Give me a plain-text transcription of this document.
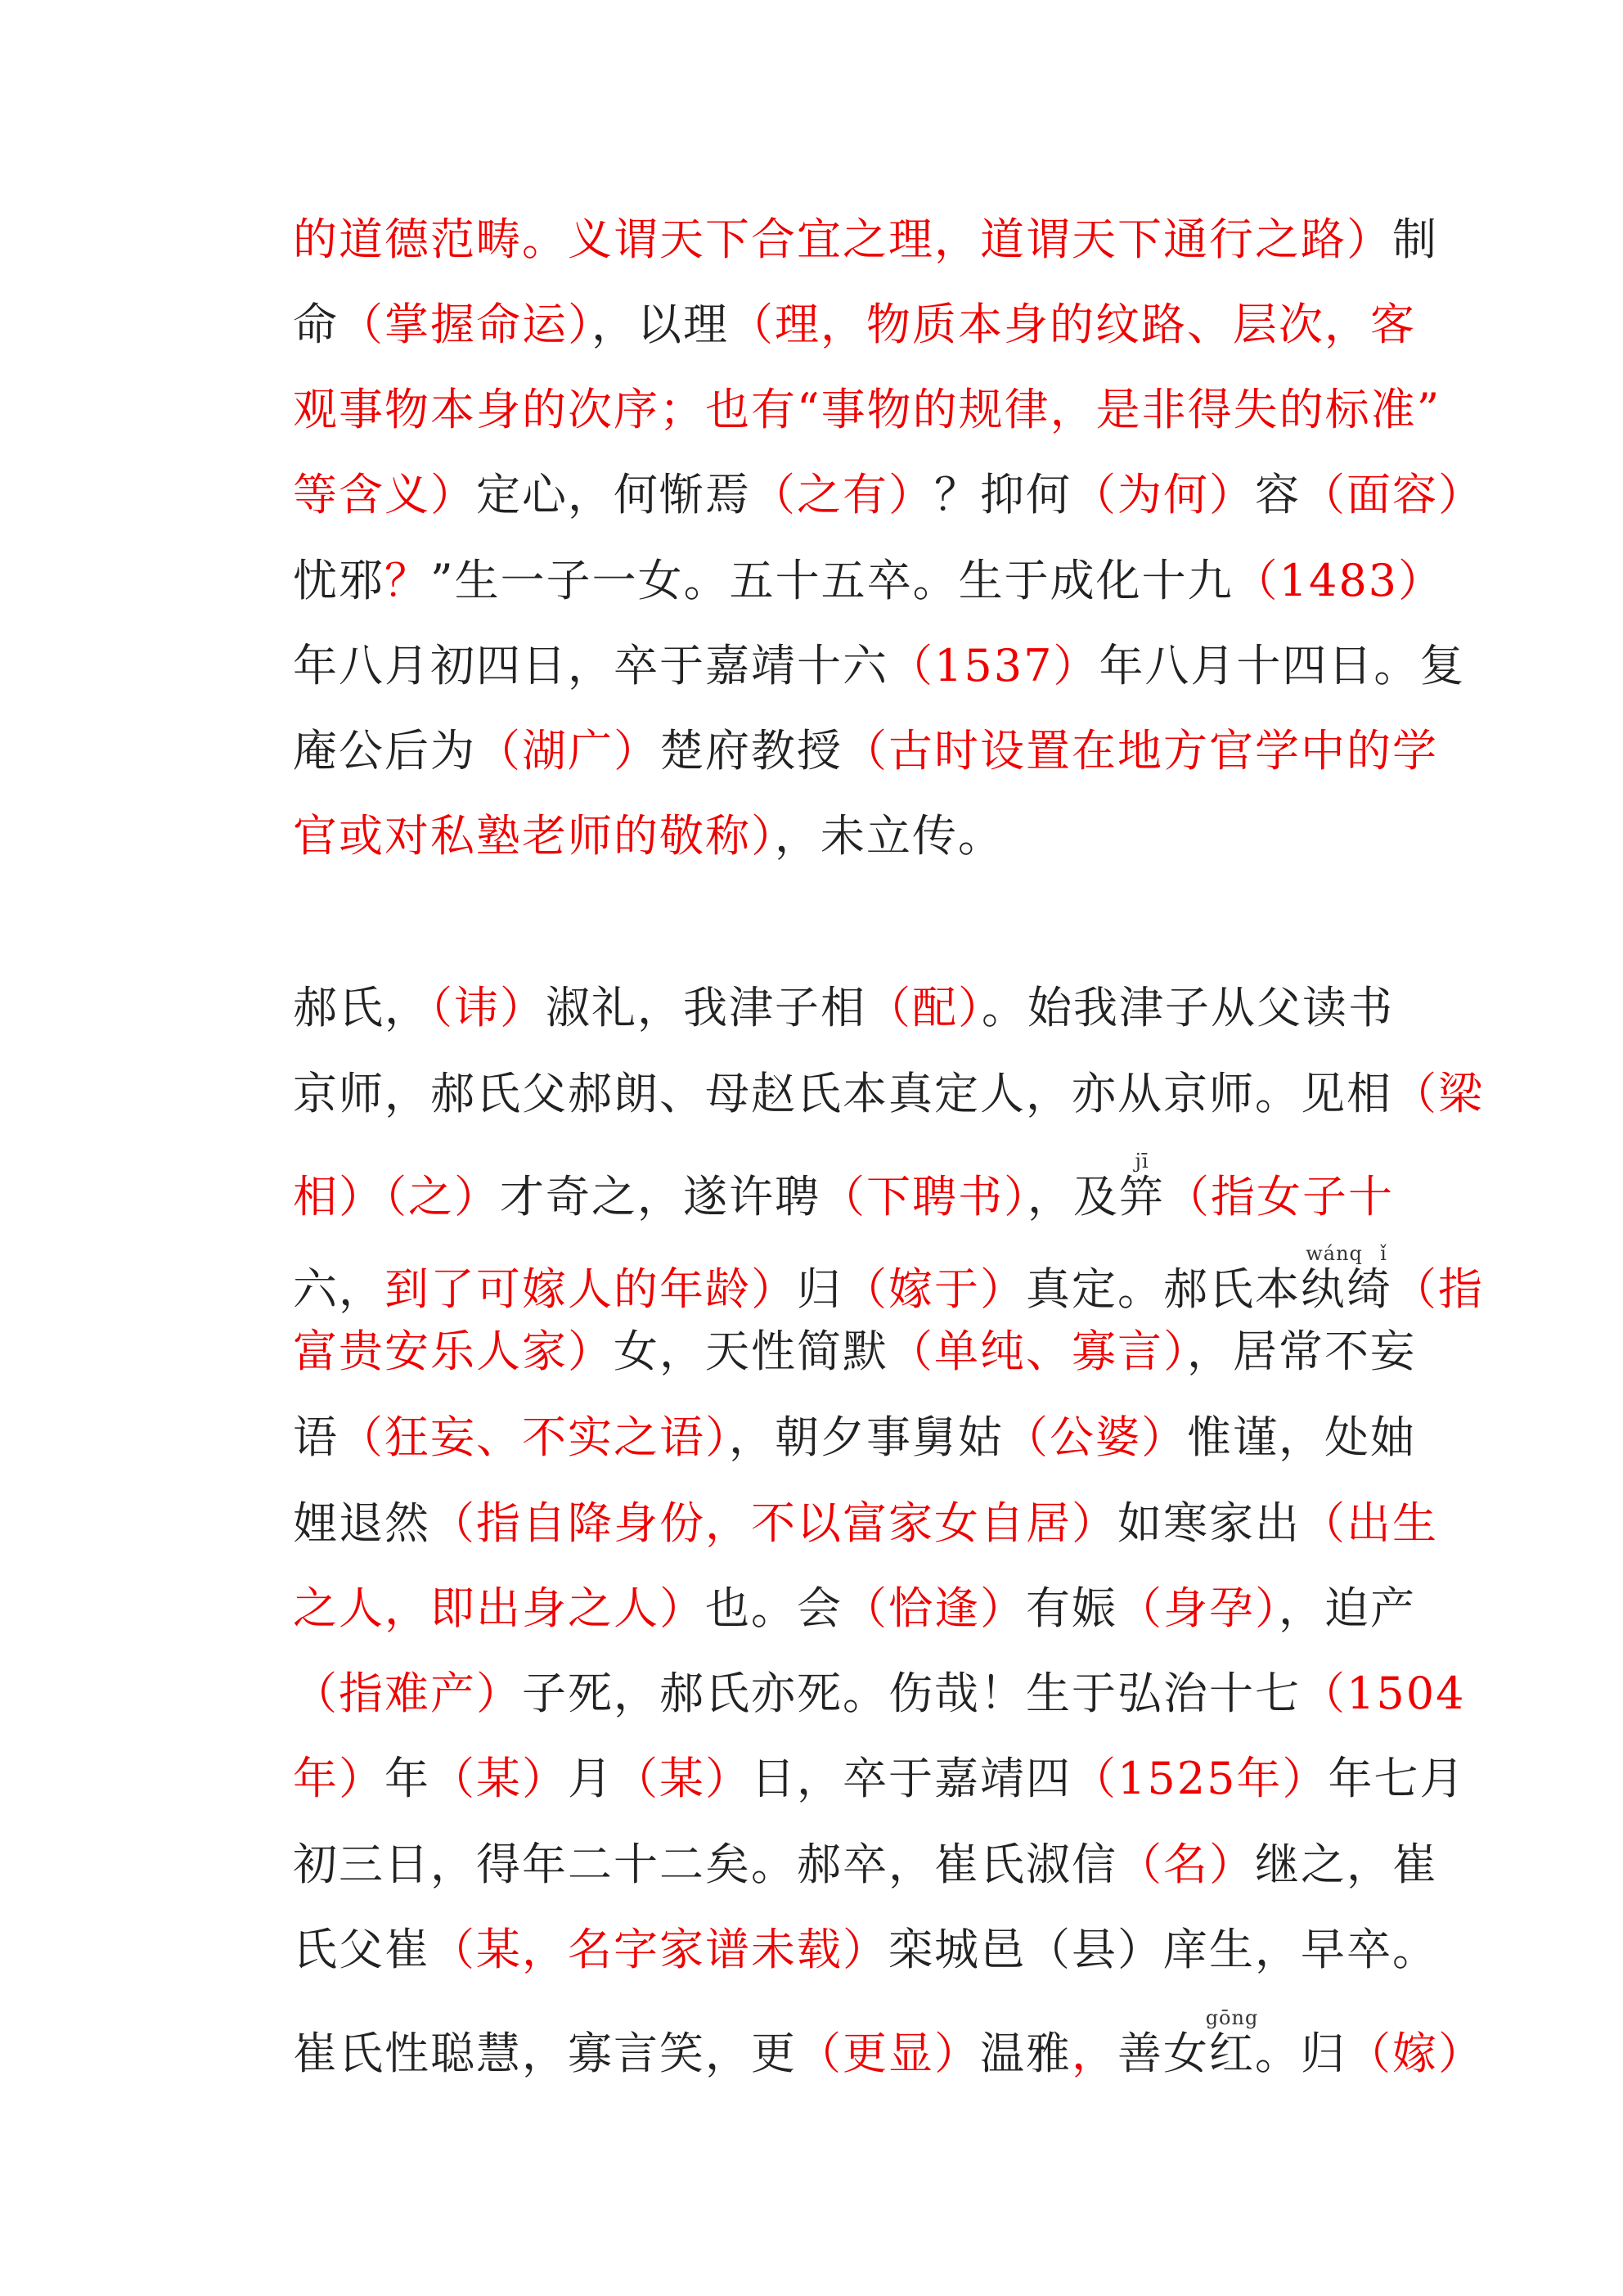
的道德范畴。义谓天下合宜之理，道谓天下通行之路）制
命（掌握命运），以理（理，物质本身的纹路、层次，客
观事物本身的次序；也有“事物的规律，是非得失的标准”
等含义）定心，何惭焉（之有）？抑何（为何）容（面容）
忧邪？”生一子一女。五十五卒。生于成化十九（1483）
年八月初四日，卒于嘉靖十六（1537）年八月十四日。复
庵公后为（湖广）楚府教授（古时设置在地方官学中的学
官或对私塾老师的敬称），未立传。
郝氏，（讳）淑礼，我津子相（配）。始我津子从父读书
京师，郝氏父郝朗、母赵氏本真定人，亦从京师。见相（梁
相）（之）才奇之，遂许聘（下聘书），及笄jī（指女子十
六，到了可嫁人的年龄）归（嫁于）真定。郝氏本纨绮wánq ǐ（指
富贵安乐人家）女，天性简默（单纯、寡言），居常不妄
语（狂妄、不实之语），朝夕事舅姑（公婆）惟谨，处妯
娌退然（指自降身份，不以富家女自居）如寒家出（出生
之人，即出身之人）也。会（恰逢）有娠（身孕），迫产
（指难产）子死，郝氏亦死。伤哉！生于弘治十七（1504
年）年（某）月（某）日，卒于嘉靖四（1525年）年七月
初三日，得年二十二矣。郝卒，崔氏淑信（名）继之，崔
氏父崔（某，名字家谱未载）栾城邑（县）庠生，早卒。
崔氏性聪慧，寡言笑，更（更显）温雅，善女红gōng。归（嫁）
